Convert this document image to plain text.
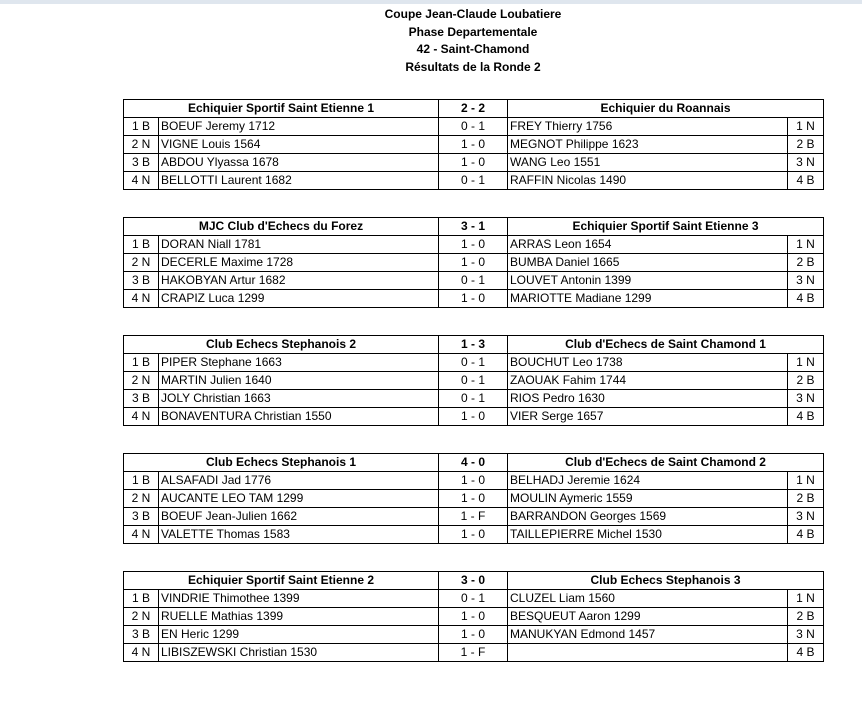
Coupe Jean-Claude Loubatiere
Phase Departementale
42 - Saint-Chamond
Résultats de la Ronde 2
Echiquier Sportif Saint Etienne 1		2 - 2	Echiquier du Roannais	
1 B	BOEUF Jeremy 1712	0 - 1	FREY Thierry 1756	1 N
2 N	VIGNE Louis 1564	1 - 0	MEGNOT Philippe 1623	2 B
3 B	ABDOU Ylyassa 1678	1 - 0	WANG Leo 1551	3 N
4 N	BELLOTTI Laurent 1682	0 - 1	RAFFIN Nicolas 1490	4 B
MJC Club d'Echecs du Forez		3 - 1	Echiquier Sportif Saint Etienne 3	
1 B	DORAN Niall 1781	1 - 0	ARRAS Leon 1654	1 N
2 N	DECERLE Maxime 1728	1 - 0	BUMBA Daniel 1665	2 B
3 B	HAKOBYAN Artur 1682	0 - 1	LOUVET Antonin 1399	3 N
4 N	CRAPIZ Luca 1299	1 - 0	MARIOTTE Madiane 1299	4 B
Club Echecs Stephanois 2		1 - 3	Club d'Echecs de Saint Chamond 1	
1 B	PIPER Stephane 1663	0 - 1	BOUCHUT Leo 1738	1 N
2 N	MARTIN Julien 1640	0 - 1	ZAOUAK Fahim 1744	2 B
3 B	JOLY Christian 1663	0 - 1	RIOS Pedro 1630	3 N
4 N	BONAVENTURA Christian 1550	1 - 0	VIER Serge 1657	4 B
Club Echecs Stephanois 1		4 - 0	Club d'Echecs de Saint Chamond 2	
1 B	ALSAFADI Jad 1776	1 - 0	BELHADJ Jeremie 1624	1 N
2 N	AUCANTE LEO TAM 1299	1 - 0	MOULIN Aymeric 1559	2 B
3 B	BOEUF Jean-Julien 1662	1 - F	BARRANDON Georges 1569	3 N
4 N	VALETTE Thomas 1583	1 - 0	TAILLEPIERRE Michel 1530	4 B
Echiquier Sportif Saint Etienne 2		3 - 0	Club Echecs Stephanois 3	
1 B	VINDRIE Thimothee 1399	0 - 1	CLUZEL Liam 1560	1 N
2 N	RUELLE Mathias 1399	1 - 0	BESQUEUT Aaron 1299	2 B
3 B	EN Heric 1299	1 - 0	MANUKYAN Edmond 1457	3 N
4 N	LIBISZEWSKI Christian 1530	1 - F		4 B
